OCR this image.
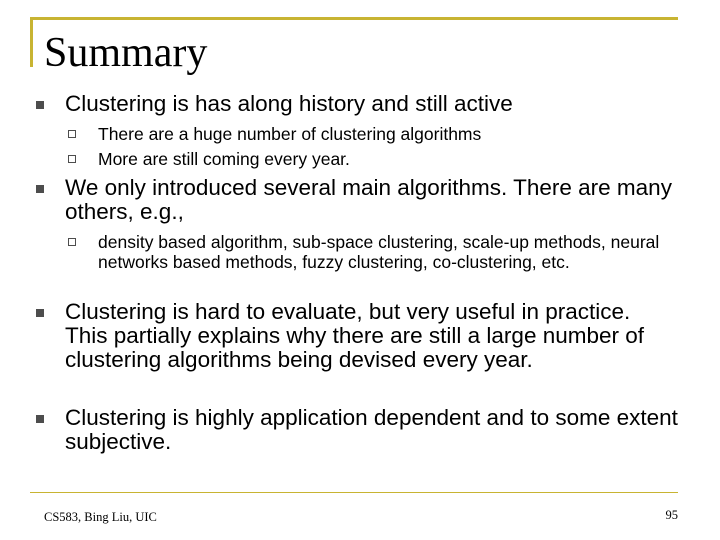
Summary
Clustering is has along history and still active
There are a huge number of clustering algorithms
More are still coming every year.
We only introduced several main algorithms. There are many others, e.g.,
density based algorithm, sub-space clustering, scale-up methods, neural networks based methods, fuzzy clustering, co-clustering, etc.
Clustering is hard to evaluate, but very useful in practice. This partially explains why there are still a large number of clustering algorithms being devised every year.
Clustering is highly application dependent and to some extent subjective.
CS583, Bing Liu, UIC	95
